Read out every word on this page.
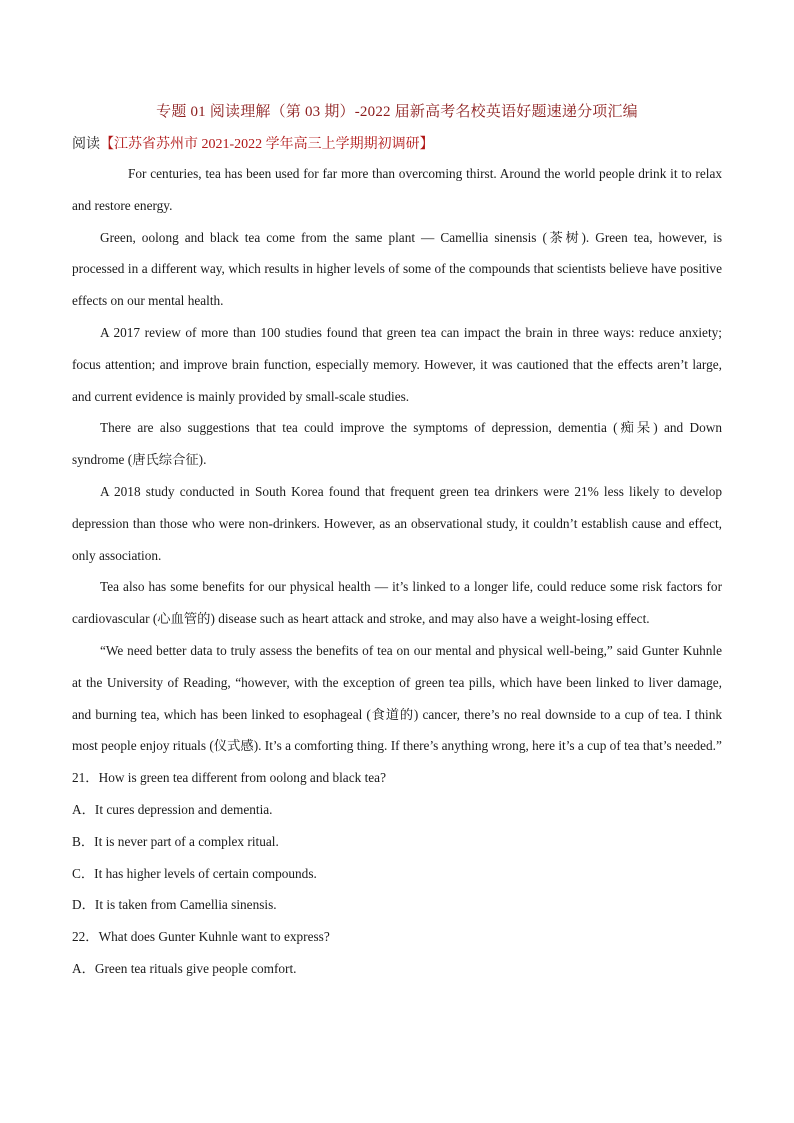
专题 01 阅读理解（第 03 期）-2022 届新高考名校英语好题速递分项汇编
阅读【江苏省苏州市 2021-2022 学年高三上学期期初调研】

For centuries, tea has been used for far more than overcoming thirst. Around the world people drink it to relax and restore energy.

Green, oolong and black tea come from the same plant — Camellia sinensis (茶树). Green tea, however, is processed in a different way, which results in higher levels of some of the compounds that scientists believe have positive effects on our mental health.

A 2017 review of more than 100 studies found that green tea can impact the brain in three ways: reduce anxiety; focus attention; and improve brain function, especially memory. However, it was cautioned that the effects aren’t large, and current evidence is mainly provided by small-scale studies.

There are also suggestions that tea could improve the symptoms of depression, dementia (痴呆) and Down syndrome (唐氏综合征).

A 2018 study conducted in South Korea found that frequent green tea drinkers were 21% less likely to develop depression than those who were non-drinkers. However, as an observational study, it couldn’t establish cause and effect, only association.

Tea also has some benefits for our physical health — it’s linked to a longer life, could reduce some risk factors for cardiovascular (心血管的) disease such as heart attack and stroke, and may also have a weight-losing effect.

“We need better data to truly assess the benefits of tea on our mental and physical well-being,” said Gunter Kuhnle at the University of Reading, “however, with the exception of green tea pills, which have been linked to liver damage, and burning tea, which has been linked to esophageal (食道的) cancer, there’s no real downside to a cup of tea. I think most people enjoy rituals (仪式感). It’s a comforting thing. If there’s anything wrong, here it’s a cup of tea that’s needed.”

21．How is green tea different from oolong and black tea?

A．It cures depression and dementia.

B．It is never part of a complex ritual.

C．It has higher levels of certain compounds.

D．It is taken from Camellia sinensis.

22．What does Gunter Kuhnle want to express?

A．Green tea rituals give people comfort.
